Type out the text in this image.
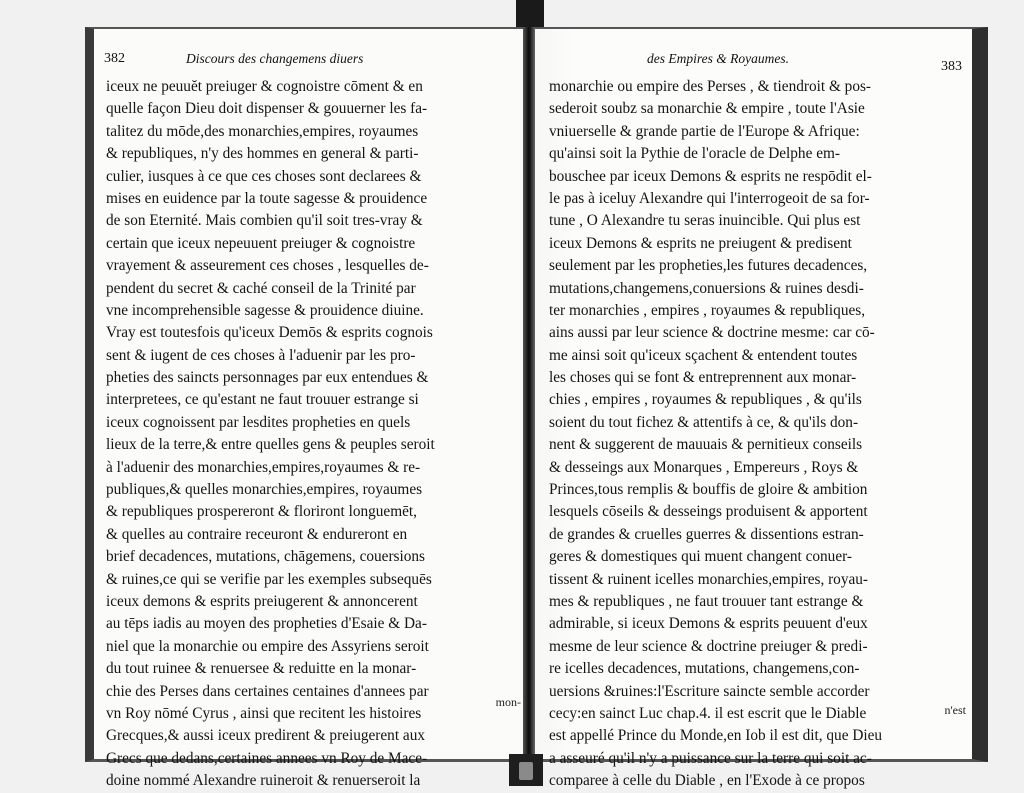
382	Discours des changemens diuers
iceux ne peuuĕt preiuger & cognoistre cōment & en
quelle façon Dieu doit dispenser & gouuerner les fa-
talitez du mōde,des monarchies,empires, royaumes
& republiques, n'y des hommes en general & parti-
culier, iusques à ce que ces choses sont declarees &
mises en euidence par la toute sagesse & prouidence
de son Eternité. Mais combien qu'il soit tres-vray &
certain que iceux nepeuuent preiuger & cognoistre
vrayement & asseurement ces choses , lesquelles de-
pendent du secret & caché conseil de la Trinité par
vne incomprehensible sagesse & prouidence diuine.
Vray est toutesfois qu'iceux Demōs & esprits cognois
sent & iugent de ces choses à l'aduenir par les pro-
pheties des saincts personnages par eux entendues &
interpretees, ce qu'estant ne faut trouuer estrange si
iceux cognoissent par lesdites propheties en quels
lieux de la terre,& entre quelles gens & peuples seroit
à l'aduenir des monarchies,empires,royaumes & re-
publiques,& quelles monarchies,empires, royaumes
& republiques prospereront & floriront longuemēt,
& quelles au contraire receuront & endureront en
brief decadences, mutations, chāgemens, couersions
& ruines,ce qui se verifie par les exemples subsequēs
iceux demons & esprits preiugerent & annoncerent
au tēps iadis au moyen des propheties d'Esaie & Da-
niel que la monarchie ou empire des Assyriens seroit
du tout ruinee & renuersee & reduitte en la monar-
chie des Perses dans certaines centaines d'annees par
vn Roy nōmé Cyrus , ainsi que recitent les histoires
Grecques,& aussi iceux predirent & preiugerent aux
Grecs que dedans,certaines annees vn Roy de Mace-
doine nommé Alexandre ruineroit & renuerseroit la
mon-
des Empires & Royaumes.
383
monarchie ou empire des Perses , & tiendroit & pos-
sederoit soubz sa monarchie & empire , toute l'Asie
vniuerselle & grande partie de l'Europe & Afrique:
qu'ainsi soit la Pythie de l'oracle de Delphe em-
bouschee par iceux Demons & esprits ne respōdit el-
le pas à iceluy Alexandre qui l'interrogeoit de sa for-
tune , O Alexandre tu seras inuincible. Qui plus est
iceux Demons & esprits ne preiugent & predisent
seulement par les propheties,les futures decadences,
mutations,changemens,conuersions & ruines desdi-
ter monarchies , empires , royaumes & republiques,
ains aussi par leur science & doctrine mesme: car cō-
me ainsi soit qu'iceux sçachent & entendent toutes
les choses qui se font & entreprennent aux monar-
chies , empires , royaumes & republiques , & qu'ils
soient du tout fichez & attentifs à ce, & qu'ils don-
nent & suggerent de mauuais & pernitieux conseils
& desseings aux Monarques , Empereurs , Roys &
Princes,tous remplis & bouffis de gloire & ambition
lesquels cōseils & desseings produisent & apportent
de grandes & cruelles guerres & dissentions estran-
geres & domestiques qui muent changent conuer-
tissent & ruinent icelles monarchies,empires, royau-
mes & republiques , ne faut trouuer tant estrange &
admirable, si iceux Demons & esprits peuuent d'eux
mesme de leur science & doctrine preiuger & predi-
re icelles decadences, mutations, changemens,con-
uersions &ruines:l'Escriture saincte semble accorder
cecy:en sainct Luc chap.4. il est escrit que le Diable
est appellé Prince du Monde,en Iob il est dit, que Dieu
a asseuré qu'il n'y a puissance sur la terre qui soit ac-
comparee à celle du Diable , en l'Exode à ce propos
n'est
